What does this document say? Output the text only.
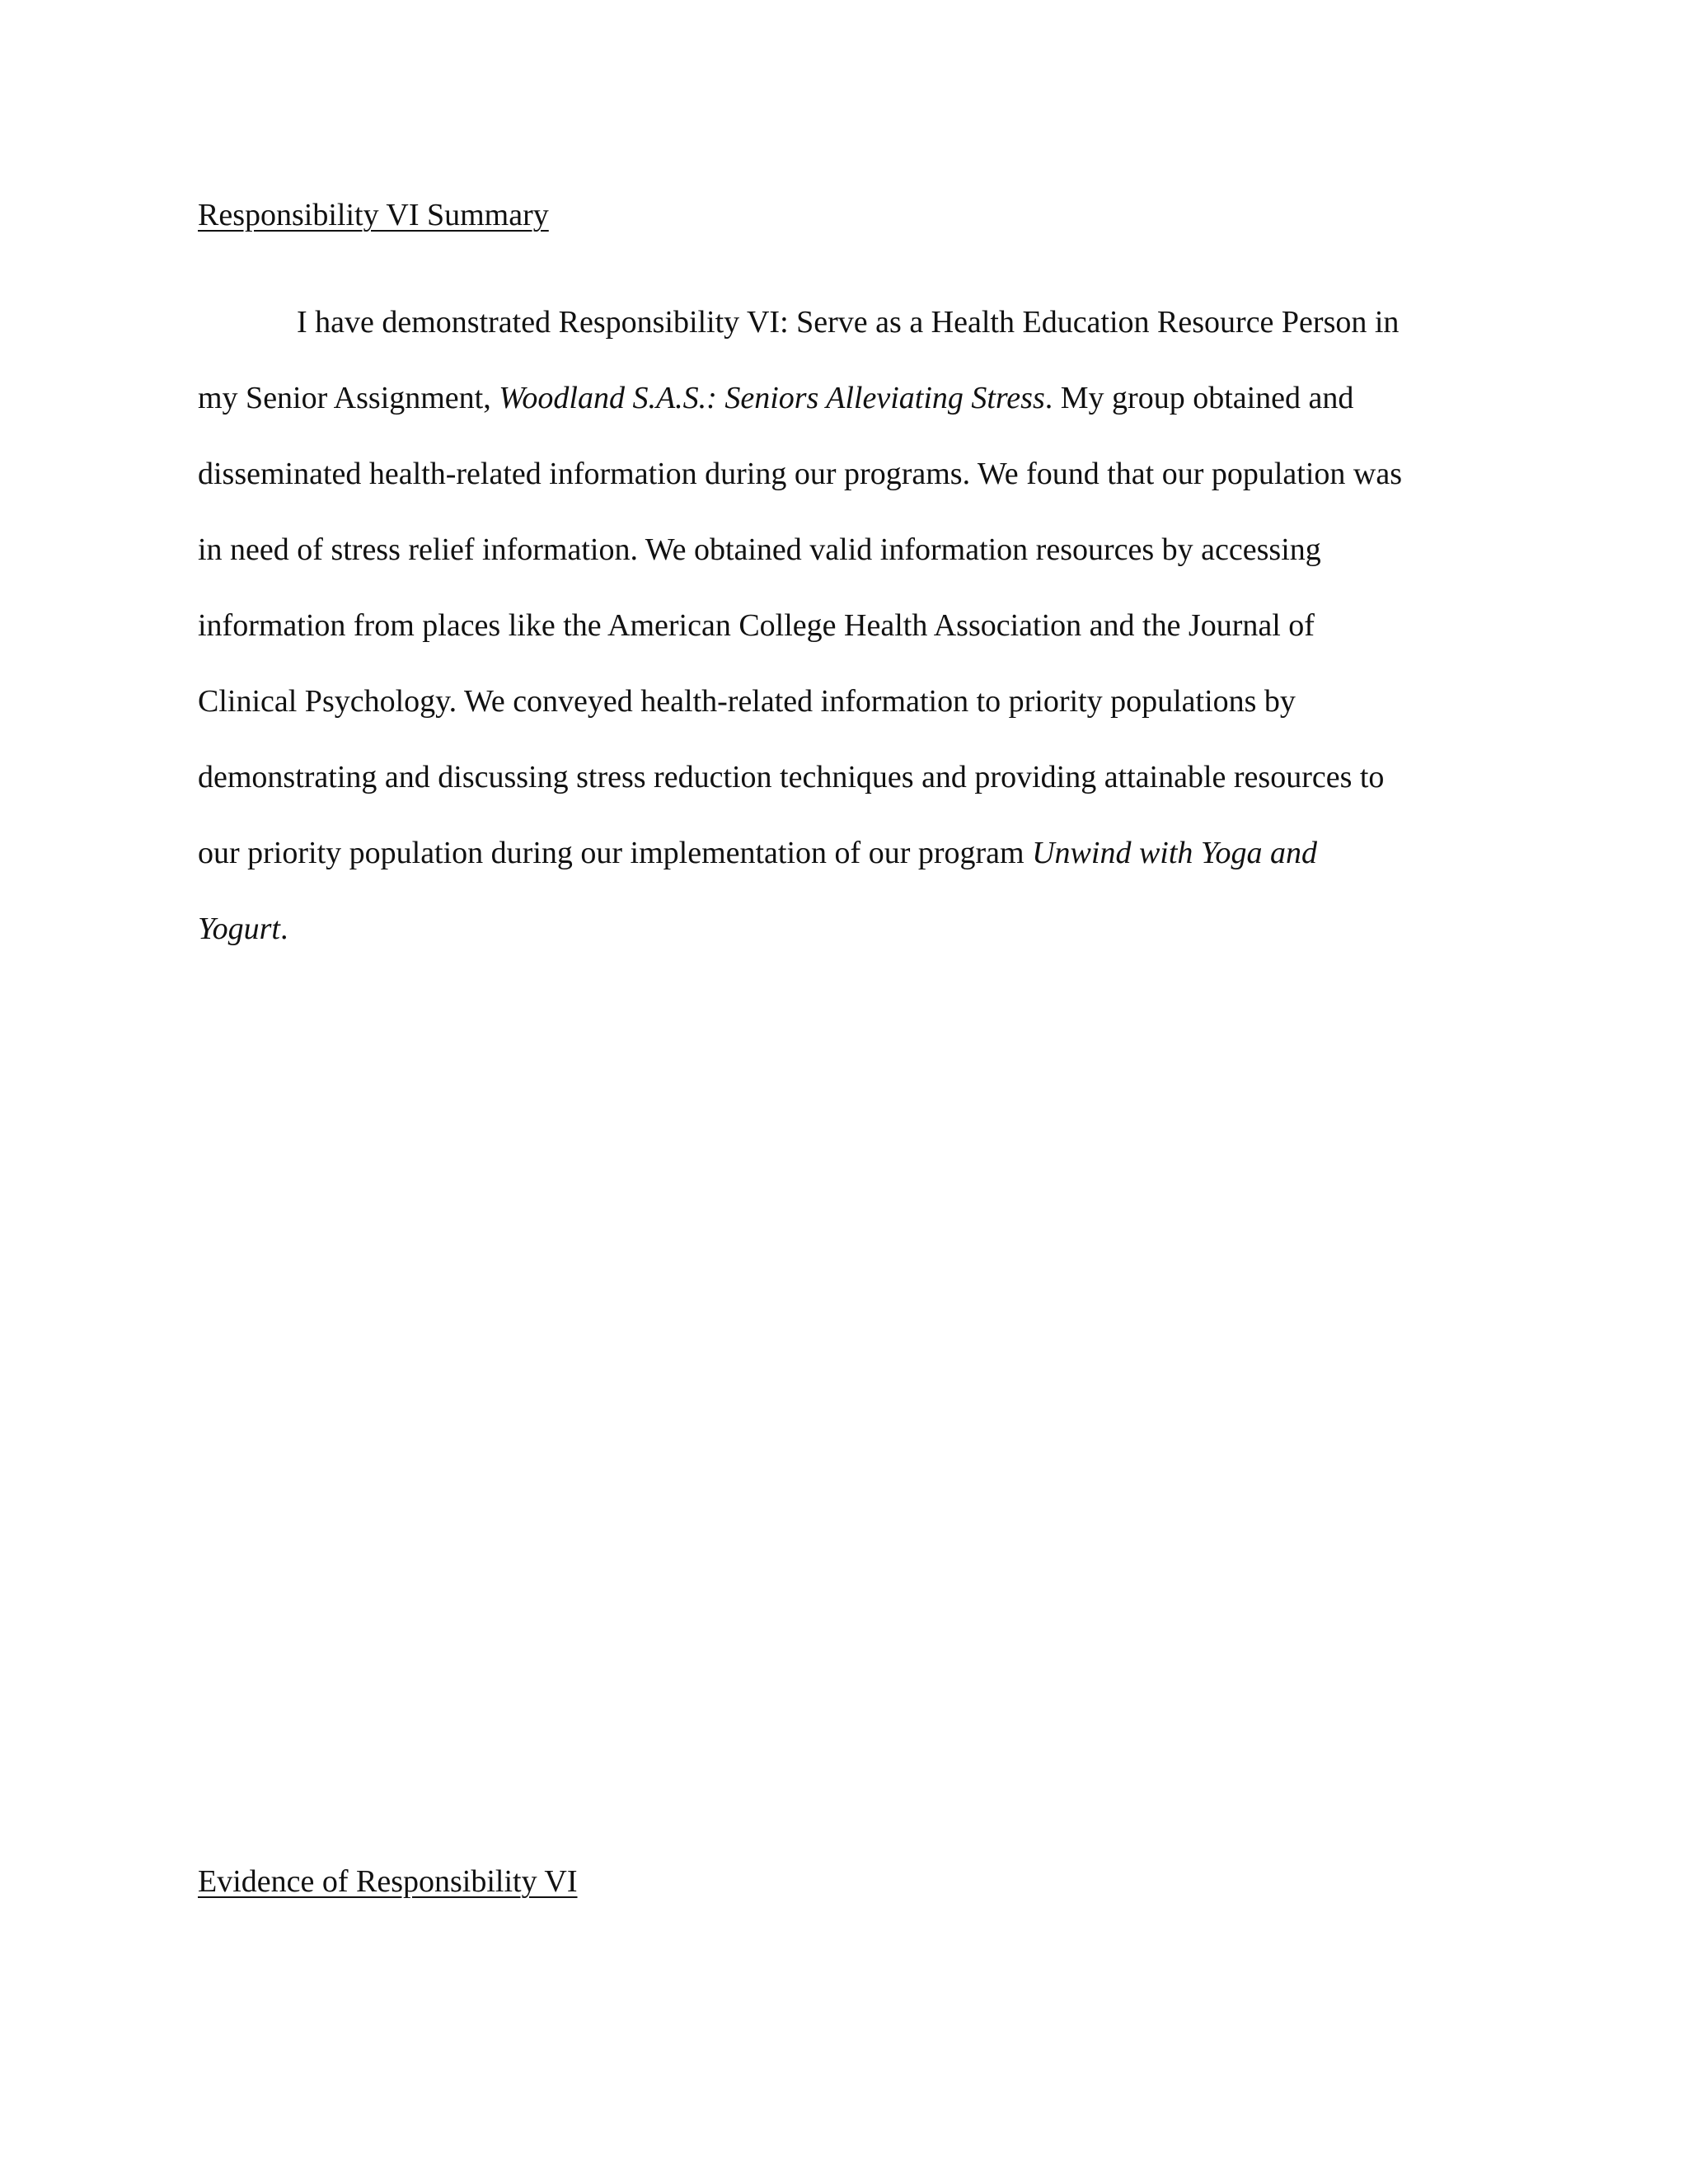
Responsibility VI Summary
I have demonstrated Responsibility VI: Serve as a Health Education Resource Person in
my Senior Assignment, Woodland S.A.S.: Seniors Alleviating Stress. My group obtained and
disseminated health-related information during our programs. We found that our population was
in need of stress relief information. We obtained valid information resources by accessing
information from places like the American College Health Association and the Journal of
Clinical Psychology. We conveyed health-related information to priority populations by
demonstrating and discussing stress reduction techniques and providing attainable resources to
our priority population during our implementation of our program Unwind with Yoga and
Yogurt.
Evidence of Responsibility VI
